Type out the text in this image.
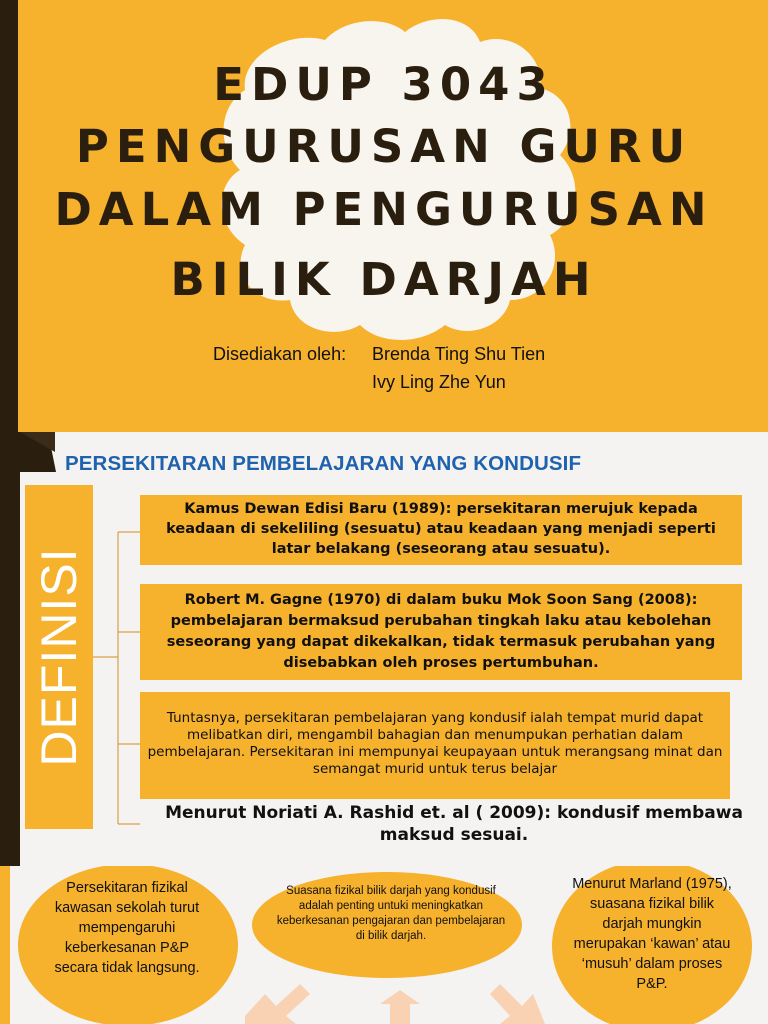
EDUP 3043
PENGURUSAN GURU
DALAM PENGURUSAN
BILIK DARJAH
Disediakan oleh: Brenda Ting Shu Tien
Ivy Ling Zhe Yun
PERSEKITARAN PEMBELAJARAN YANG KONDUSIF
DEFINISI
Kamus Dewan Edisi Baru (1989): persekitaran merujuk kepada keadaan di sekeliling (sesuatu) atau keadaan yang menjadi seperti latar belakang (seseorang atau sesuatu).
Robert M. Gagne (1970) di dalam buku Mok Soon Sang (2008): pembelajaran bermaksud perubahan tingkah laku atau kebolehan seseorang yang dapat dikekalkan, tidak termasuk perubahan yang disebabkan oleh proses pertumbuhan.
Tuntasnya, persekitaran pembelajaran yang kondusif ialah tempat murid dapat melibatkan diri, mengambil bahagian dan menumpukan perhatian dalam pembelajaran. Persekitaran ini mempunyai keupayaan untuk merangsang minat dan semangat murid untuk terus belajar
Menurut Noriati A. Rashid et. al ( 2009): kondusif membawa maksud sesuai.
Persekitaran fizikal kawasan sekolah turut mempengaruhi keberkesanan P&P secara tidak langsung.
Suasana fizikal bilik darjah yang kondusif adalah penting untuki meningkatkan keberkesanan pengajaran dan pembelajaran di bilik darjah.
Menurut Marland (1975), suasana fizikal bilik darjah mungkin merupakan ‘kawan’ atau ‘musuh’ dalam proses P&P.
